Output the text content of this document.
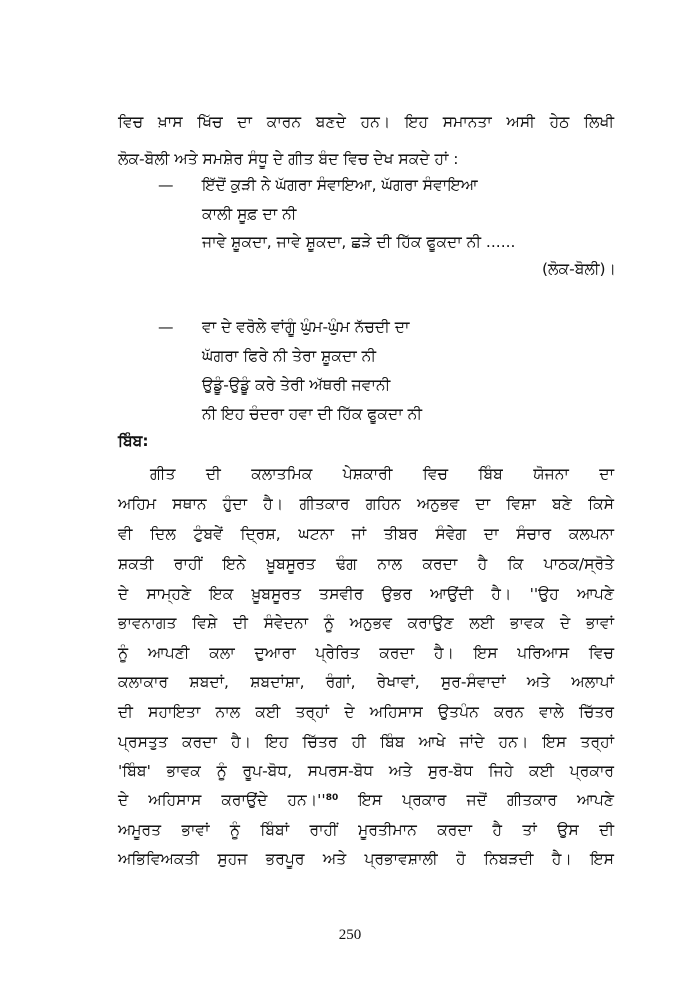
ਵਿਚ ਖ਼ਾਸ ਖਿੱਚ ਦਾ ਕਾਰਨ ਬਣਦੇ ਹਨ। ਇਹ ਸਮਾਨਤਾ ਅਸੀ ਹੇਠ ਲਿਖੀ
ਲੋਕ-ਬੋਲੀ ਅਤੇ ਸਮਸ਼ੇਰ ਸੰਧੂ ਦੇ ਗੀਤ ਬੰਦ ਵਿਚ ਦੇਖ ਸਕਦੇ ਹਾਂ :
— ਇੱਦੋਂ ਕੁੜੀ ਨੇ ਘੱਗਰਾ ਸੰਵਾਇਆ, ਘੱਗਰਾ ਸੰਵਾਇਆ
ਕਾਲੀ ਸੂਫ਼ ਦਾ ਨੀ
ਜਾਵੇ ਸ਼ੂਕਦਾ, ਜਾਵੇ ਸ਼ੂਕਦਾ, ਛੜੇ ਦੀ ਹਿੱਕ ਫੂਕਦਾ ਨੀ ......
(ਲੋਕ-ਬੋਲੀ)।
— ਵਾ ਦੇ ਵਰੋਲੇ ਵਾਂਗੂੰ ਘੁੰਮ-ਘੁੰਮ ਨੱਚਦੀ ਦਾ
ਘੱਗਰਾ ਫਿਰੇ ਨੀ ਤੇਰਾ ਸ਼ੂਕਦਾ ਨੀ
ਉਡੂੰ-ਉਡੂੰ ਕਰੇ ਤੇਰੀ ਅੱਥਰੀ ਜਵਾਨੀ
ਨੀ ਇਹ ਚੰਦਰਾ ਹਵਾ ਦੀ ਹਿੱਕ ਫੂਕਦਾ ਨੀ
ਬਿੰਬ:
ਗੀਤ ਦੀ ਕਲਾਤਮਿਕ ਪੇਸ਼ਕਾਰੀ ਵਿਚ ਬਿੰਬ ਯੋਜਨਾ ਦਾ
ਅਹਿਮ ਸਥਾਨ ਹੁੰਦਾ ਹੈ। ਗੀਤਕਾਰ ਗਹਿਨ ਅਨੁਭਵ ਦਾ ਵਿਸ਼ਾ ਬਣੇ ਕਿਸੇ
ਵੀ ਦਿਲ ਟੁੰਬਵੇਂ ਦ੍ਰਿਸ਼, ਘਟਨਾ ਜਾਂ ਤੀਬਰ ਸੰਵੇਗ ਦਾ ਸੰਚਾਰ ਕਲਪਨਾ
ਸ਼ਕਤੀ ਰਾਹੀਂ ਇਨੇ ਖ਼ੂਬਸੂਰਤ ਢੰਗ ਨਾਲ ਕਰਦਾ ਹੈ ਕਿ ਪਾਠਕ/ਸ੍ਰੋਤੇ
ਦੇ ਸਾਮ੍ਹਣੇ ਇਕ ਖ਼ੂਬਸੂਰਤ ਤਸਵੀਰ ਉਭਰ ਆਉਂਦੀ ਹੈ। ''ਉਹ ਆਪਣੇ
ਭਾਵਨਾਗਤ ਵਿਸ਼ੇ ਦੀ ਸੰਵੇਦਨਾ ਨੂੰ ਅਨੁਭਵ ਕਰਾਉਣ ਲਈ ਭਾਵਕ ਦੇ ਭਾਵਾਂ
ਨੂੰ ਆਪਣੀ ਕਲਾ ਦੁਆਰਾ ਪ੍ਰੇਰਿਤ ਕਰਦਾ ਹੈ। ਇਸ ਪਰਿਆਸ ਵਿਚ
ਕਲਾਕਾਰ ਸ਼ਬਦਾਂ, ਸ਼ਬਦਾਂਸ਼ਾ, ਰੰਗਾਂ, ਰੇਖਾਵਾਂ, ਸੁਰ-ਸੰਵਾਦਾਂ ਅਤੇ ਅਲਾਪਾਂ
ਦੀ ਸਹਾਇਤਾ ਨਾਲ ਕਈ ਤਰ੍ਹਾਂ ਦੇ ਅਹਿਸਾਸ ਉਤਪੰਨ ਕਰਨ ਵਾਲੇ ਚਿੱਤਰ
ਪ੍ਰਸਤੁਤ ਕਰਦਾ ਹੈ। ਇਹ ਚਿੱਤਰ ਹੀ ਬਿੰਬ ਆਖੇ ਜਾਂਦੇ ਹਨ। ਇਸ ਤਰ੍ਹਾਂ
'ਬਿੰਬ' ਭਾਵਕ ਨੂੰ ਰੂਪ-ਬੋਧ, ਸਪਰਸ-ਬੋਧ ਅਤੇ ਸੁਰ-ਬੋਧ ਜਿਹੇ ਕਈ ਪ੍ਰਕਾਰ
ਦੇ ਅਹਿਸਾਸ ਕਰਾਉਂਦੇ $ਹਨ।''^{80}$ ਇਸ ਪ੍ਰਕਾਰ ਜਦੋਂ ਗੀਤਕਾਰ ਆਪਣੇ
ਅਮੂਰਤ ਭਾਵਾਂ ਨੂੰ ਬਿੰਬਾਂ ਰਾਹੀਂ ਮੂਰਤੀਮਾਨ ਕਰਦਾ ਹੈ ਤਾਂ ਉਸ ਦੀ
ਅਭਿਵਿਅਕਤੀ ਸੁਹਜ ਭਰਪੂਰ ਅਤੇ ਪ੍ਰਭਾਵਸ਼ਾਲੀ ਹੋ ਨਿਬੜਦੀ ਹੈ। ਇਸ
250
